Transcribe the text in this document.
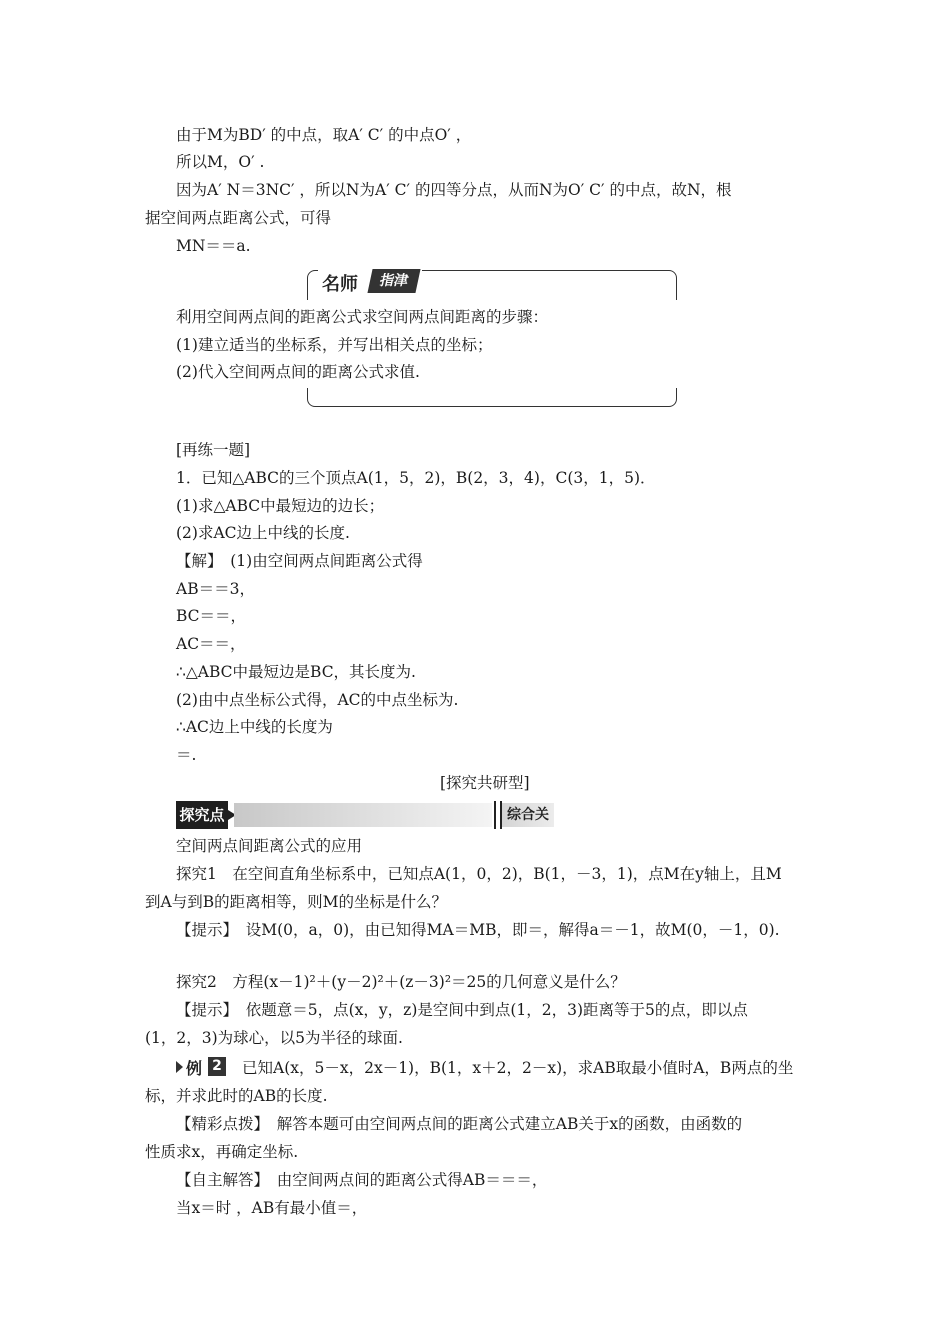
由于M为BD′ 的中点，取A′ C′ 的中点O′ ，
所以M，O′ .
因为A′ N＝3NC′ ，所以N为A′ C′ 的四等分点，从而N为O′ C′ 的中点，故N，根
据空间两点距离公式，可得
MN＝＝a.
名师	指津
利用空间两点间的距离公式求空间两点间距离的步骤：
(1)建立适当的坐标系，并写出相关点的坐标；
(2)代入空间两点间的距离公式求值.
[再练一题]
1．已知△ABC的三个顶点A(1，5，2)，B(2，3，4)，C(3，1，5)．
(1)求△ABC中最短边的边长；
(2)求AC边上中线的长度.
【解】　(1)由空间两点间距离公式得
AB＝＝3，
BC＝＝，
AC＝＝，
∴△ABC中最短边是BC，其长度为.
(2)由中点坐标公式得，AC的中点坐标为.
∴AC边上中线的长度为
＝.
[探究共研型]
探究点	综合关
空间两点间距离公式的应用
探究1　在空间直角坐标系中，已知点A(1，0，2)，B(1，－3，1)，点M在y轴上，且M
到A与到B的距离相等，则M的坐标是什么？
【提示】　设M(0，a，0)，由已知得MA＝MB，即＝，解得a＝－1，故M(0，－1，0).
探究2　方程(x－1)²＋(y－2)²＋(z－3)²＝25的几何意义是什么？
【提示】　依题意＝5，点(x，y，z)是空间中到点(1，2，3)距离等于5的点，即以点
(1，2，3)为球心，以5为半径的球面.
例 2 已知A(x，5－x，2x－1)，B(1，x＋2，2－x)，求AB取最小值时A，B两点的坐
标，并求此时的AB的长度.
【精彩点拨】　解答本题可由空间两点间的距离公式建立AB关于x的函数，由函数的
性质求x，再确定坐标.
【自主解答】　由空间两点间的距离公式得AB＝＝＝，
当x＝时 ，AB有最小值＝，
